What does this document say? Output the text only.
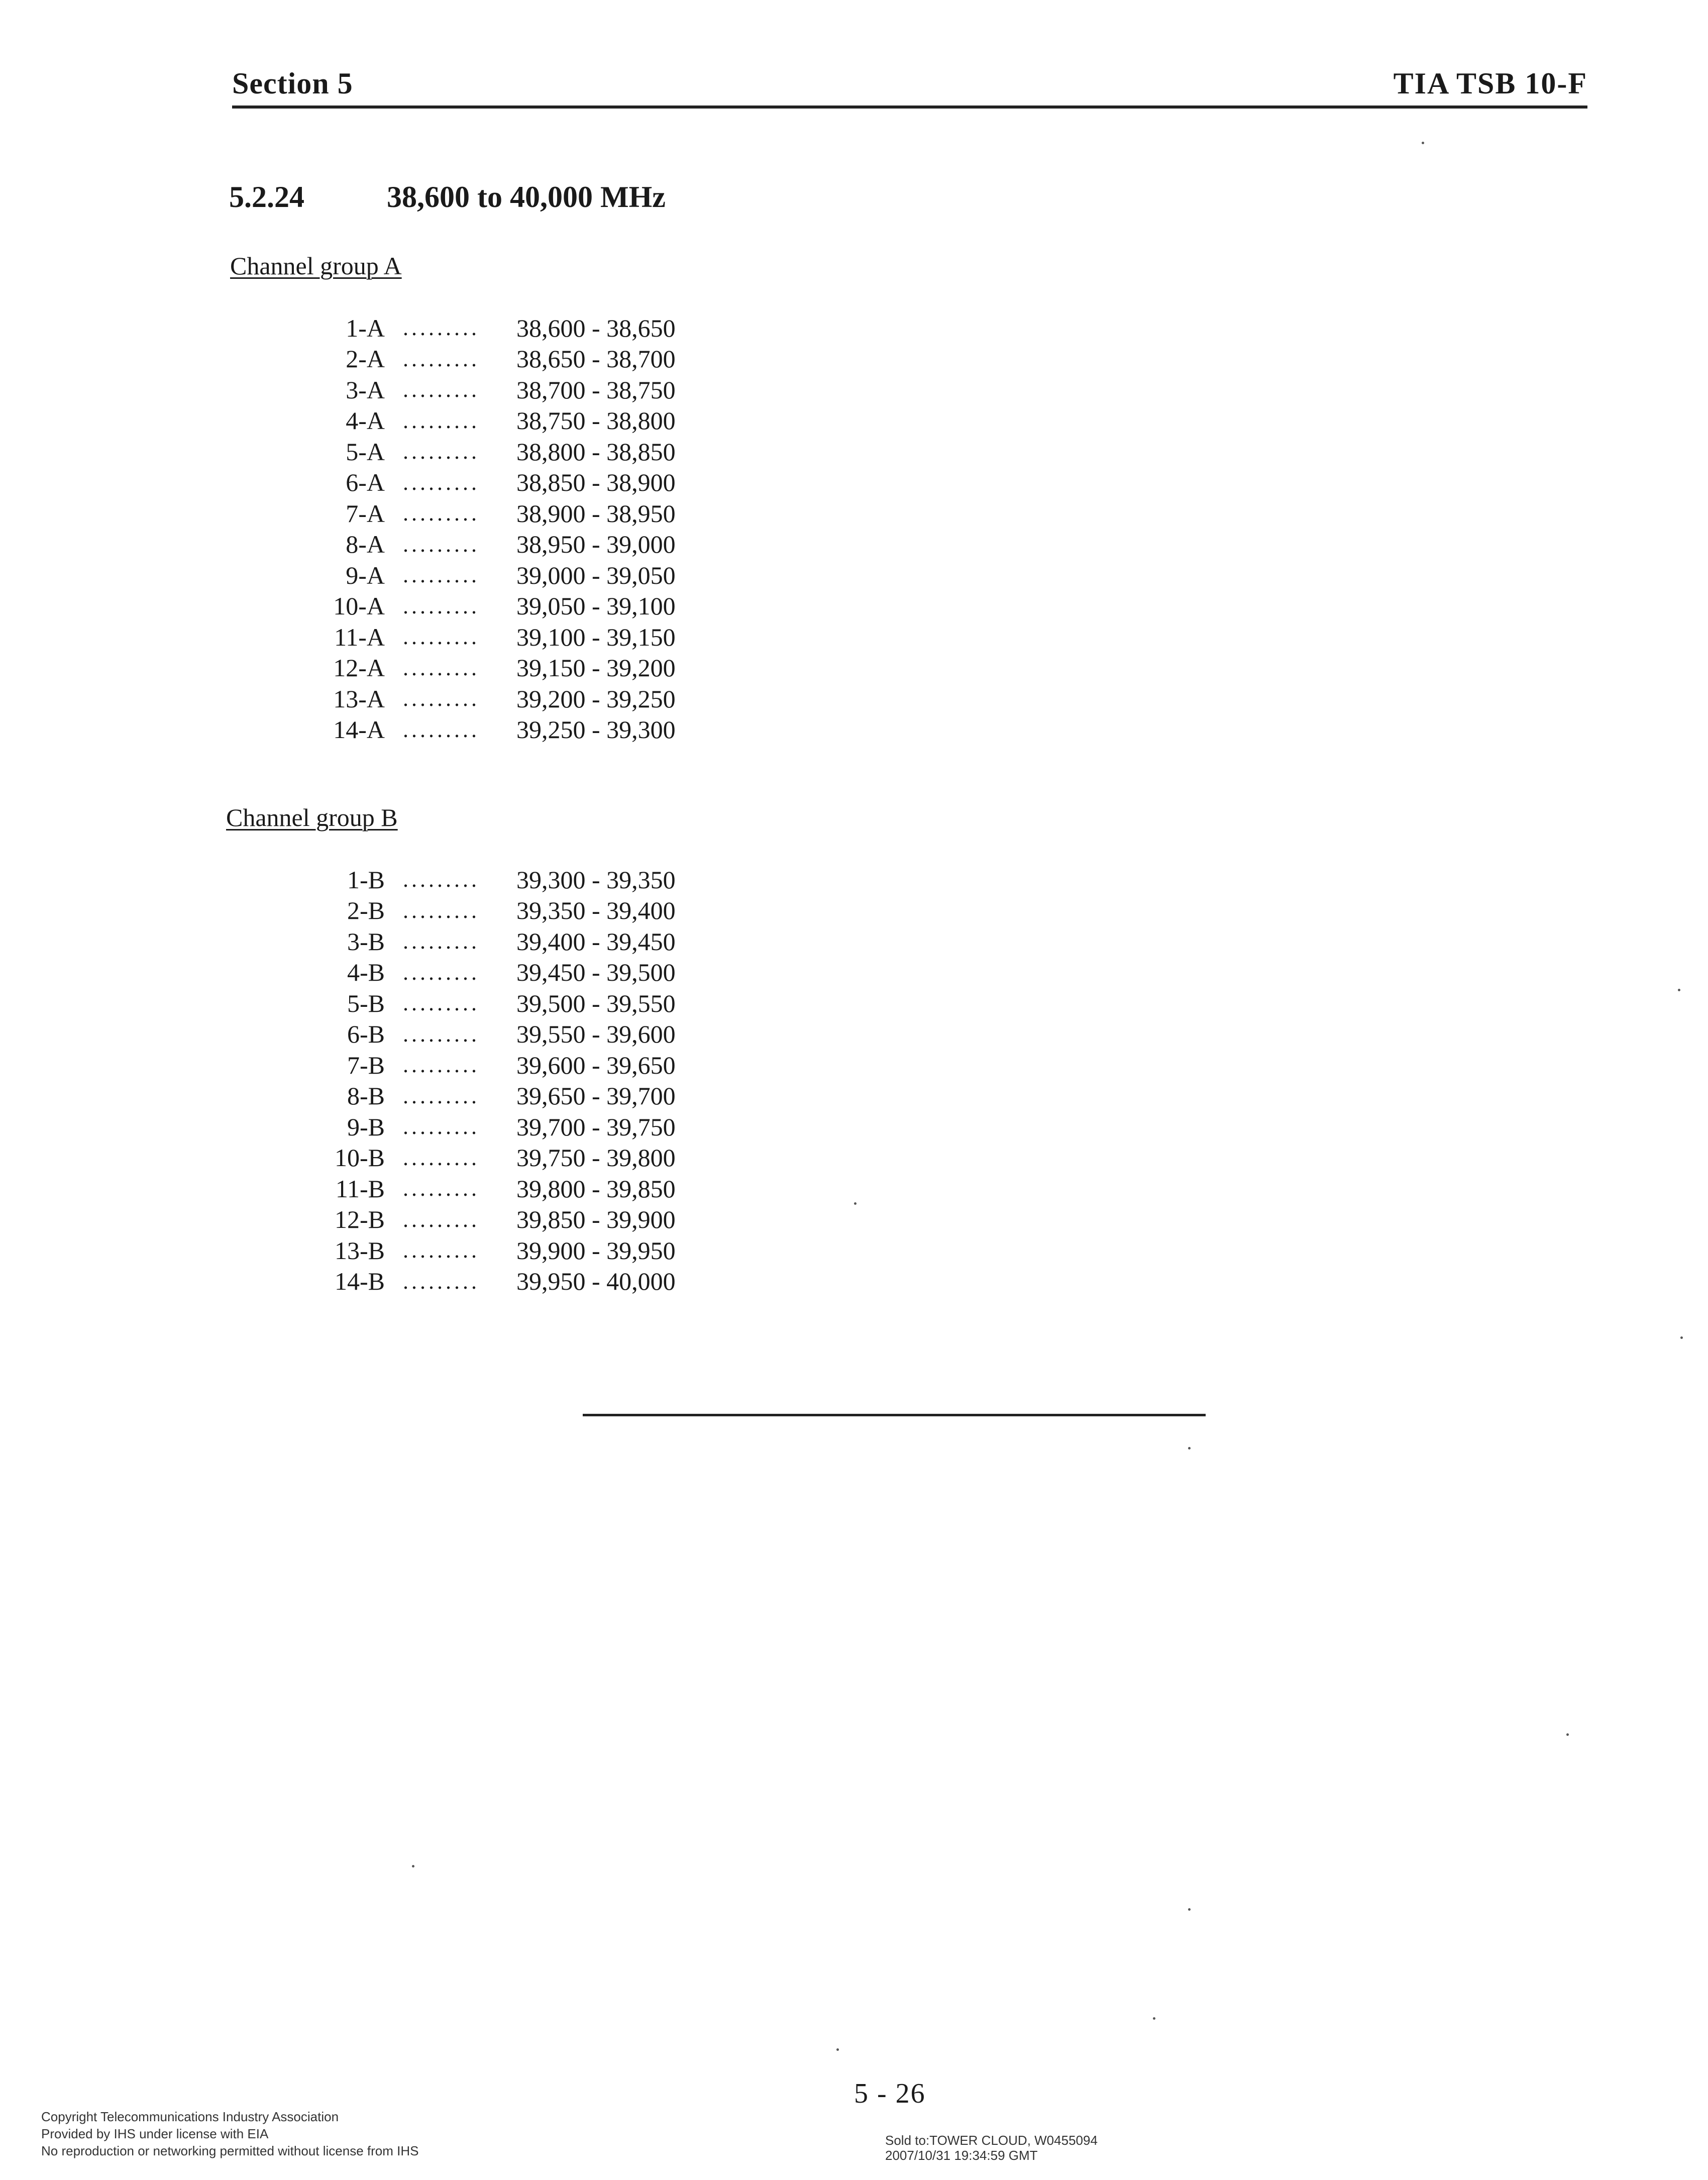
Section 5	TIA TSB 10-F
5.2.24	38,600 to 40,000 MHz
Channel group A
1-A .........	38,600 - 38,650
2-A .........	38,650 - 38,700
3-A .........	38,700 - 38,750
4-A .........	38,750 - 38,800
5-A .........	38,800 - 38,850
6-A .........	38,850 - 38,900
7-A .........	38,900 - 38,950
8-A .........	38,950 - 39,000
9-A .........	39,000 - 39,050
10-A .........	39,050 - 39,100
11-A .........	39,100 - 39,150
12-A .........	39,150 - 39,200
13-A .........	39,200 - 39,250
14-A .........	39,250 - 39,300
Channel group B
1-B .........	39,300 - 39,350
2-B .........	39,350 - 39,400
3-B .........	39,400 - 39,450
4-B .........	39,450 - 39,500
5-B .........	39,500 - 39,550
6-B .........	39,550 - 39,600
7-B .........	39,600 - 39,650
8-B .........	39,650 - 39,700
9-B .........	39,700 - 39,750
10-B .........	39,750 - 39,800
11-B .........	39,800 - 39,850
12-B .........	39,850 - 39,900
13-B .........	39,900 - 39,950
14-B .........	39,950 - 40,000
5 - 26
Copyright Telecommunications Industry Association
Provided by IHS under license with EIA
No reproduction or networking permitted without license from IHS
Sold to:TOWER CLOUD, W0455094
2007/10/31 19:34:59 GMT
